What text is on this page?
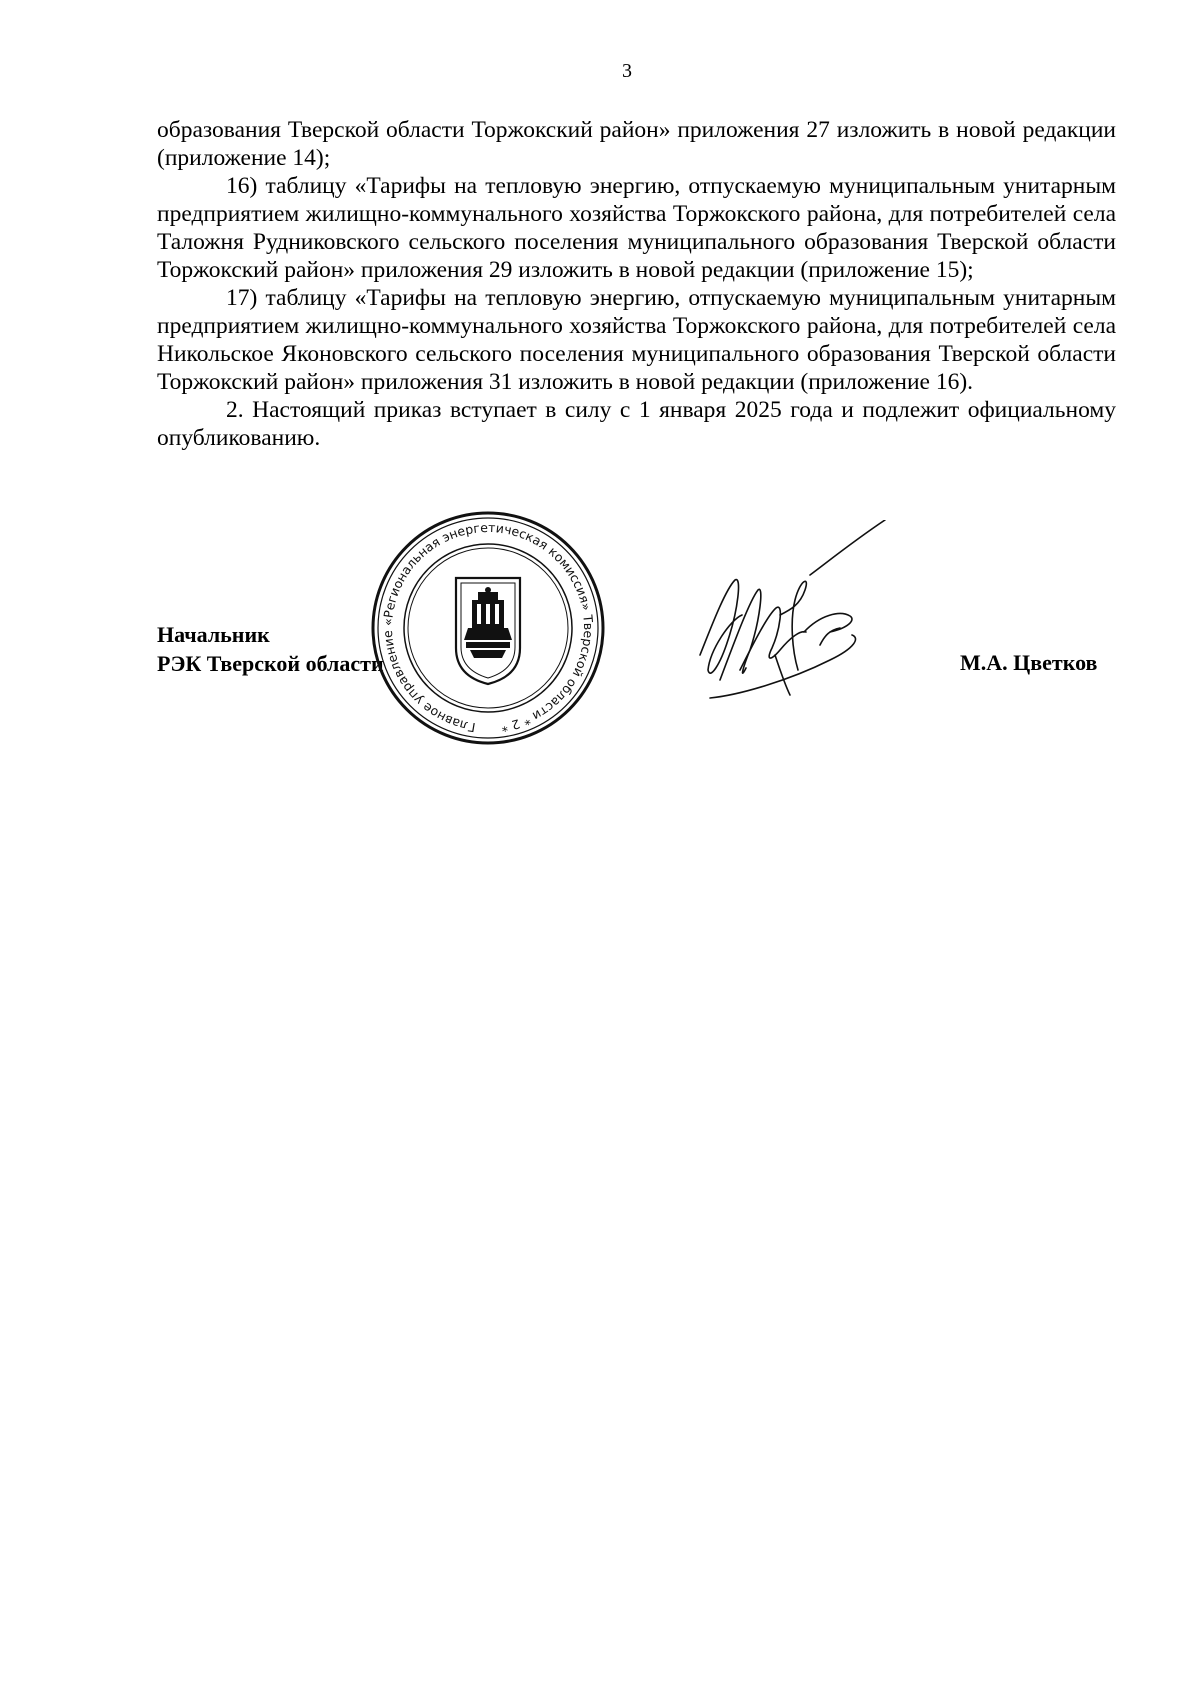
3

образования Тверской области Торжокский район» приложения 27 изложить в новой редакции (приложение 14);

16) таблицу «Тарифы на тепловую энергию, отпускаемую муниципальным унитарным предприятием жилищно-коммунального хозяйства Торжокского района, для потребителей села Таложня Рудниковского сельского поселения муниципального образования Тверской области Торжокский район» приложения 29 изложить в новой редакции (приложение 15);

17) таблицу «Тарифы на тепловую энергию, отпускаемую муниципальным унитарным предприятием жилищно-коммунального хозяйства Торжокского района, для потребителей села Никольское Яконовского сельского поселения муниципального образования Тверской области Торжокский район» приложения 31 изложить в новой редакции (приложение 16).

2. Настоящий приказ вступает в силу с 1 января 2025 года и подлежит официальному опубликованию.

Начальник
РЭК Тверской области
Главное управление «Региональная энергетическая комиссия» Тверской области * 2 *
М.А. Цветков
